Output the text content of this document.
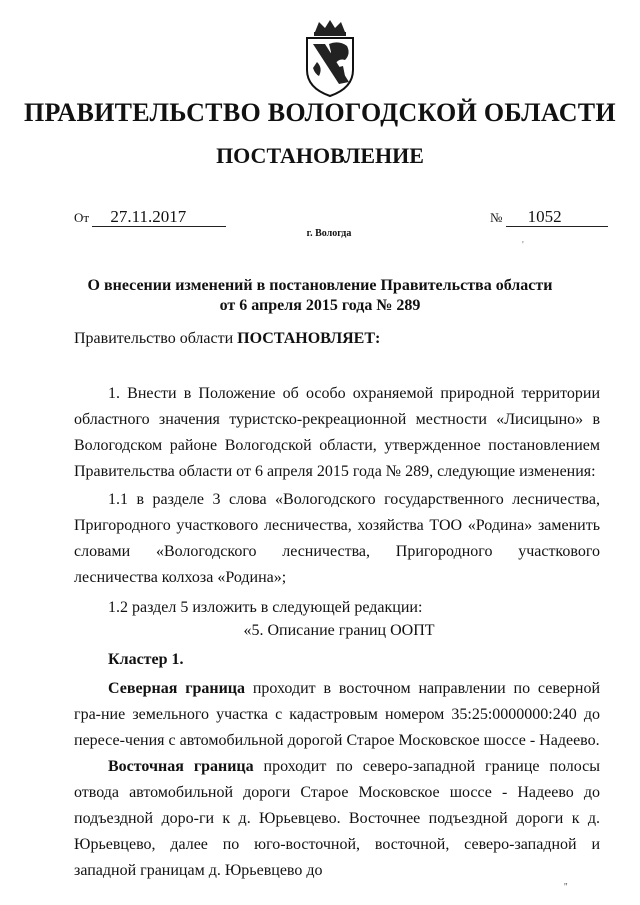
ПРАВИТЕЛЬСТВО ВОЛОГОДСКОЙ ОБЛАСТИ
ПОСТАНОВЛЕНИЕ
От 27.11.2017	№ 1052
г. Вологда
'
О внесении изменений в постановление Правительства области
от 6 апреля 2015 года № 289
Правительство области ПОСТАНОВЛЯЕТ:
1. Внести в Положение об особо охраняемой природной территории областного значения туристско-рекреационной местности «Лисицыно» в Вологодском районе Вологодской области, утвержденное постановлением Правительства области от 6 апреля 2015 года № 289, следующие изменения:
1.1 в разделе 3 слова «Вологодского государственного лесничества, Пригородного участкового лесничества, хозяйства ТОО «Родина» заменить словами «Вологодского лесничества, Пригородного участкового лесничества колхоза «Родина»;
1.2 раздел 5 изложить в следующей редакции:
«5. Описание границ ООПТ
Кластер 1.
Северная граница проходит в восточном направлении по северной гра-ние земельного участка с кадастровым номером 35:25:0000000:240 до пересе-чения с автомобильной дорогой Старое Московское шоссе - Надеево.
Восточная граница проходит по северо-западной границе полосы отвода автомобильной дороги Старое Московское шоссе - Надеево до подъездной доро-ги к д. Юрьевцево. Восточнее подъездной дороги к д. Юрьевцево, далее по юго-восточной, восточной, северо-западной и западной границам д. Юрьевцево до
''
